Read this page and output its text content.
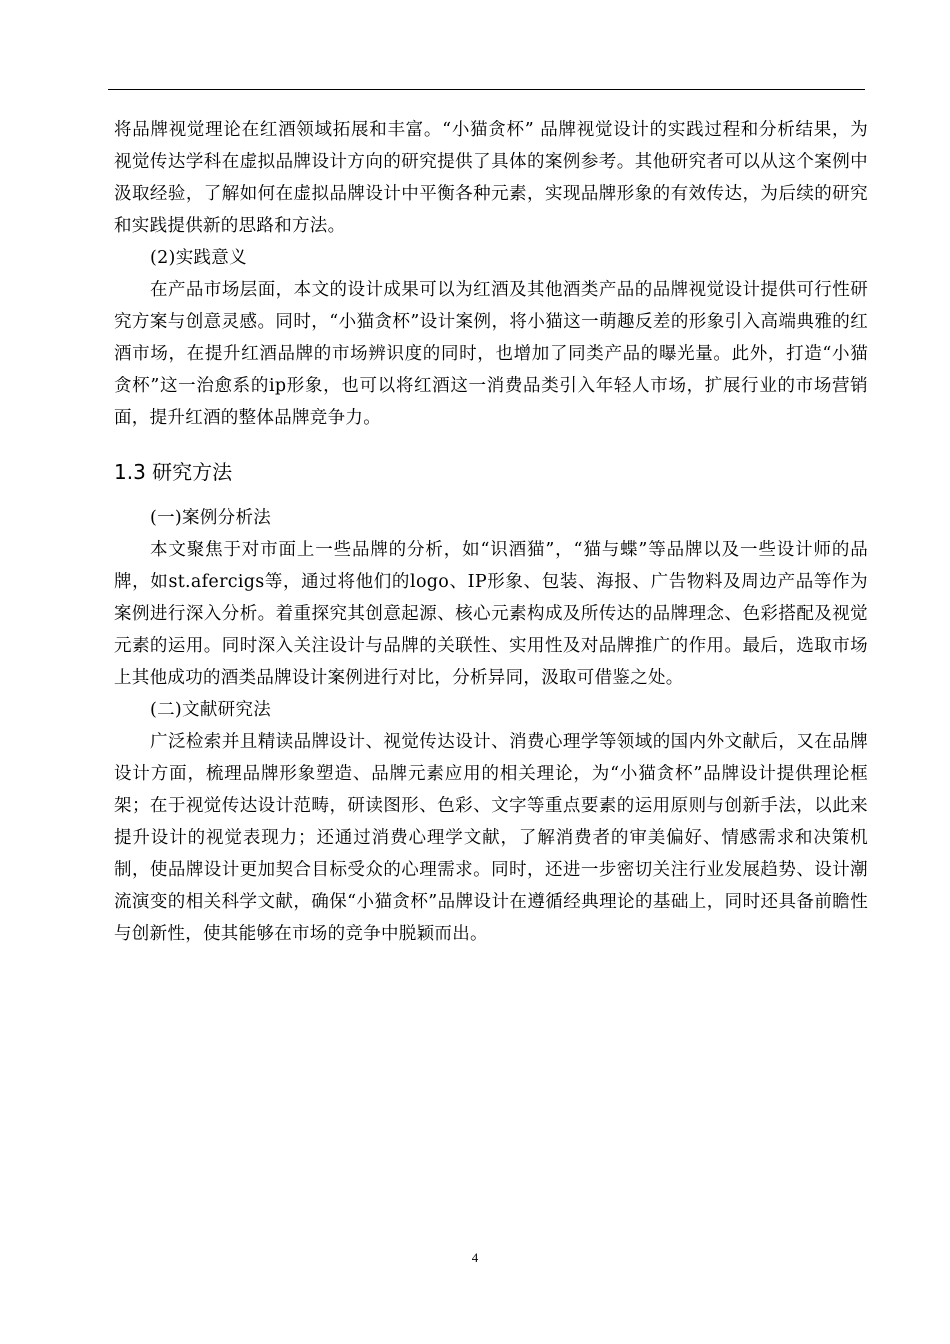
将品牌视觉理论在红酒领域拓展和丰富。“小猫贪杯” 品牌视觉设计的实践过程和分析结果，为视觉传达学科在虚拟品牌设计方向的研究提供了具体的案例参考。其他研究者可以从这个案例中汲取经验，了解如何在虚拟品牌设计中平衡各种元素，实现品牌形象的有效传达，为后续的研究和实践提供新的思路和方法。

(2)实践意义

在产品市场层面，本文的设计成果可以为红酒及其他酒类产品的品牌视觉设计提供可行性研究方案与创意灵感。同时，“小猫贪杯”设计案例，将小猫这一萌趣反差的形象引入高端典雅的红酒市场，在提升红酒品牌的市场辨识度的同时，也增加了同类产品的曝光量。此外，打造“小猫贪杯”这一治愈系的ip形象，也可以将红酒这一消费品类引入年轻人市场，扩展行业的市场营销面，提升红酒的整体品牌竞争力。

1.3 研究方法

(一)案例分析法

本文聚焦于对市面上一些品牌的分析，如“识酒猫”，“猫与蝶”等品牌以及一些设计师的品牌，如st.afercigs等，通过将他们的logo、IP形象、包装、海报、广告物料及周边产品等作为案例进行深入分析。着重探究其创意起源、核心元素构成及所传达的品牌理念、色彩搭配及视觉元素的运用。同时深入关注设计与品牌的关联性、实用性及对品牌推广的作用。最后，选取市场上其他成功的酒类品牌设计案例进行对比，分析异同，汲取可借鉴之处。

(二)文献研究法

广泛检索并且精读品牌设计、视觉传达设计、消费心理学等领域的国内外文献后，又在品牌设计方面，梳理品牌形象塑造、品牌元素应用的相关理论，为“小猫贪杯”品牌设计提供理论框架；在于视觉传达设计范畴，研读图形、色彩、文字等重点要素的运用原则与创新手法，以此来提升设计的视觉表现力；还通过消费心理学文献，了解消费者的审美偏好、情感需求和决策机制，使品牌设计更加契合目标受众的心理需求。同时，还进一步密切关注行业发展趋势、设计潮流演变的相关科学文献，确保“小猫贪杯”品牌设计在遵循经典理论的基础上，同时还具备前瞻性与创新性，使其能够在市场的竞争中脱颖而出。

4
